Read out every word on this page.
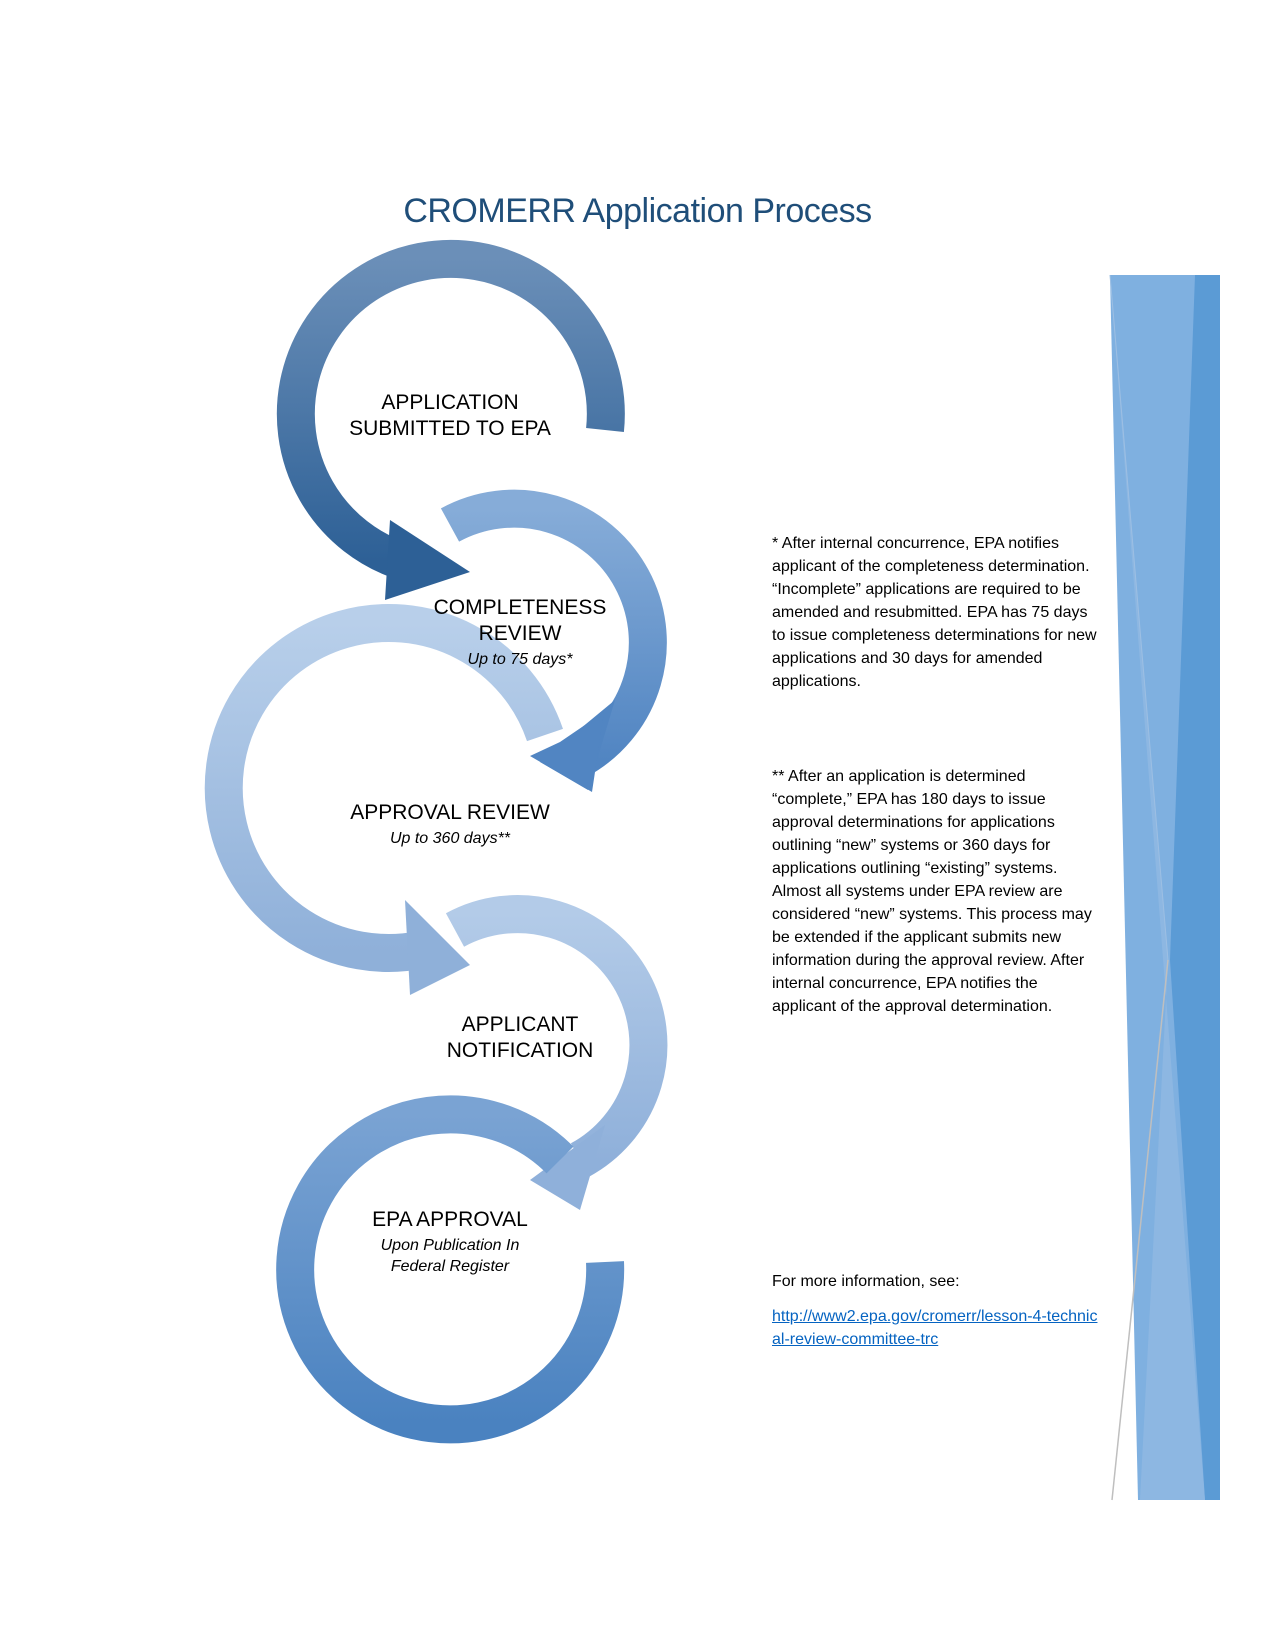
CROMERR Application Process
APPLICATION
SUBMITTED TO EPA
COMPLETENESS
REVIEW
Up to 75 days*
APPROVAL REVIEW
Up to 360 days**
APPLICANT
NOTIFICATION
EPA APPROVAL
Upon Publication In
Federal Register
* After internal concurrence, EPA notifies applicant of the completeness determination. “Incomplete” applications are required to be amended and resubmitted. EPA has 75 days to issue completeness determinations for new applications and 30 days for amended applications.
** After an application is determined “complete,” EPA has 180 days to issue approval determinations for applications outlining “new” systems or 360 days for applications outlining “existing” systems. Almost all systems under EPA review are considered “new” systems. This process may be extended if the applicant submits new information during the approval review. After internal concurrence, EPA notifies the applicant of the approval determination.
For more information, see:
http://www2.epa.gov/cromerr/lesson-4-technical-review-committee-trc
